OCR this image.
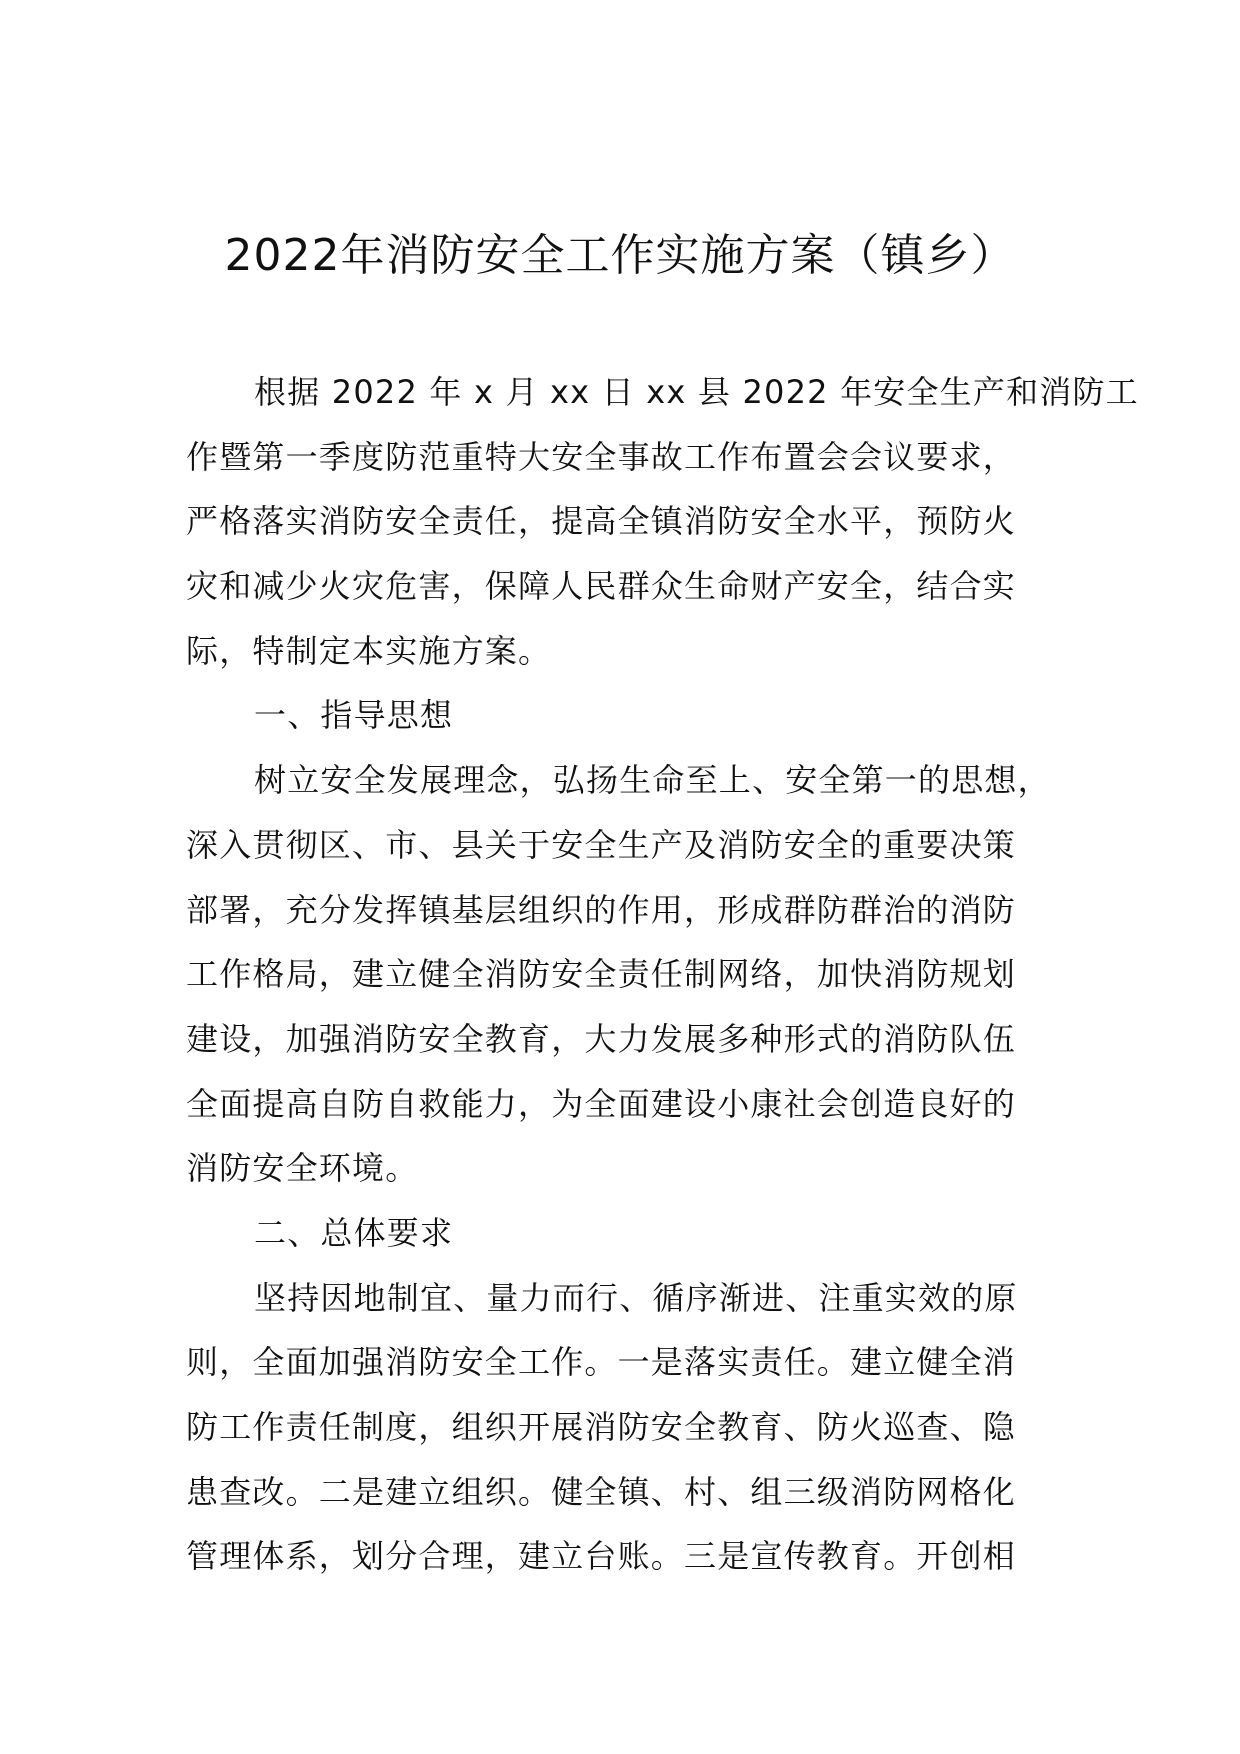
2022年消防安全工作实施方案（镇乡）
根据 2022 年 x 月 xx 日 xx 县 2022 年安全生产和消防工
作暨第一季度防范重特大安全事故工作布置会会议要求，
严格落实消防安全责任，提高全镇消防安全水平，预防火
灾和减少火灾危害，保障人民群众生命财产安全，结合实
际，特制定本实施方案。
一、指导思想
树立安全发展理念，弘扬生命至上、安全第一的思想，
深入贯彻区、市、县关于安全生产及消防安全的重要决策
部署，充分发挥镇基层组织的作用，形成群防群治的消防
工作格局，建立健全消防安全责任制网络，加快消防规划
建设，加强消防安全教育，大力发展多种形式的消防队伍
全面提高自防自救能力，为全面建设小康社会创造良好的
消防安全环境。
二、总体要求
坚持因地制宜、量力而行、循序渐进、注重实效的原
则，全面加强消防安全工作。一是落实责任。建立健全消
防工作责任制度，组织开展消防安全教育、防火巡查、隐
患查改。二是建立组织。健全镇、村、组三级消防网格化
管理体系，划分合理，建立台账。三是宣传教育。开创相
